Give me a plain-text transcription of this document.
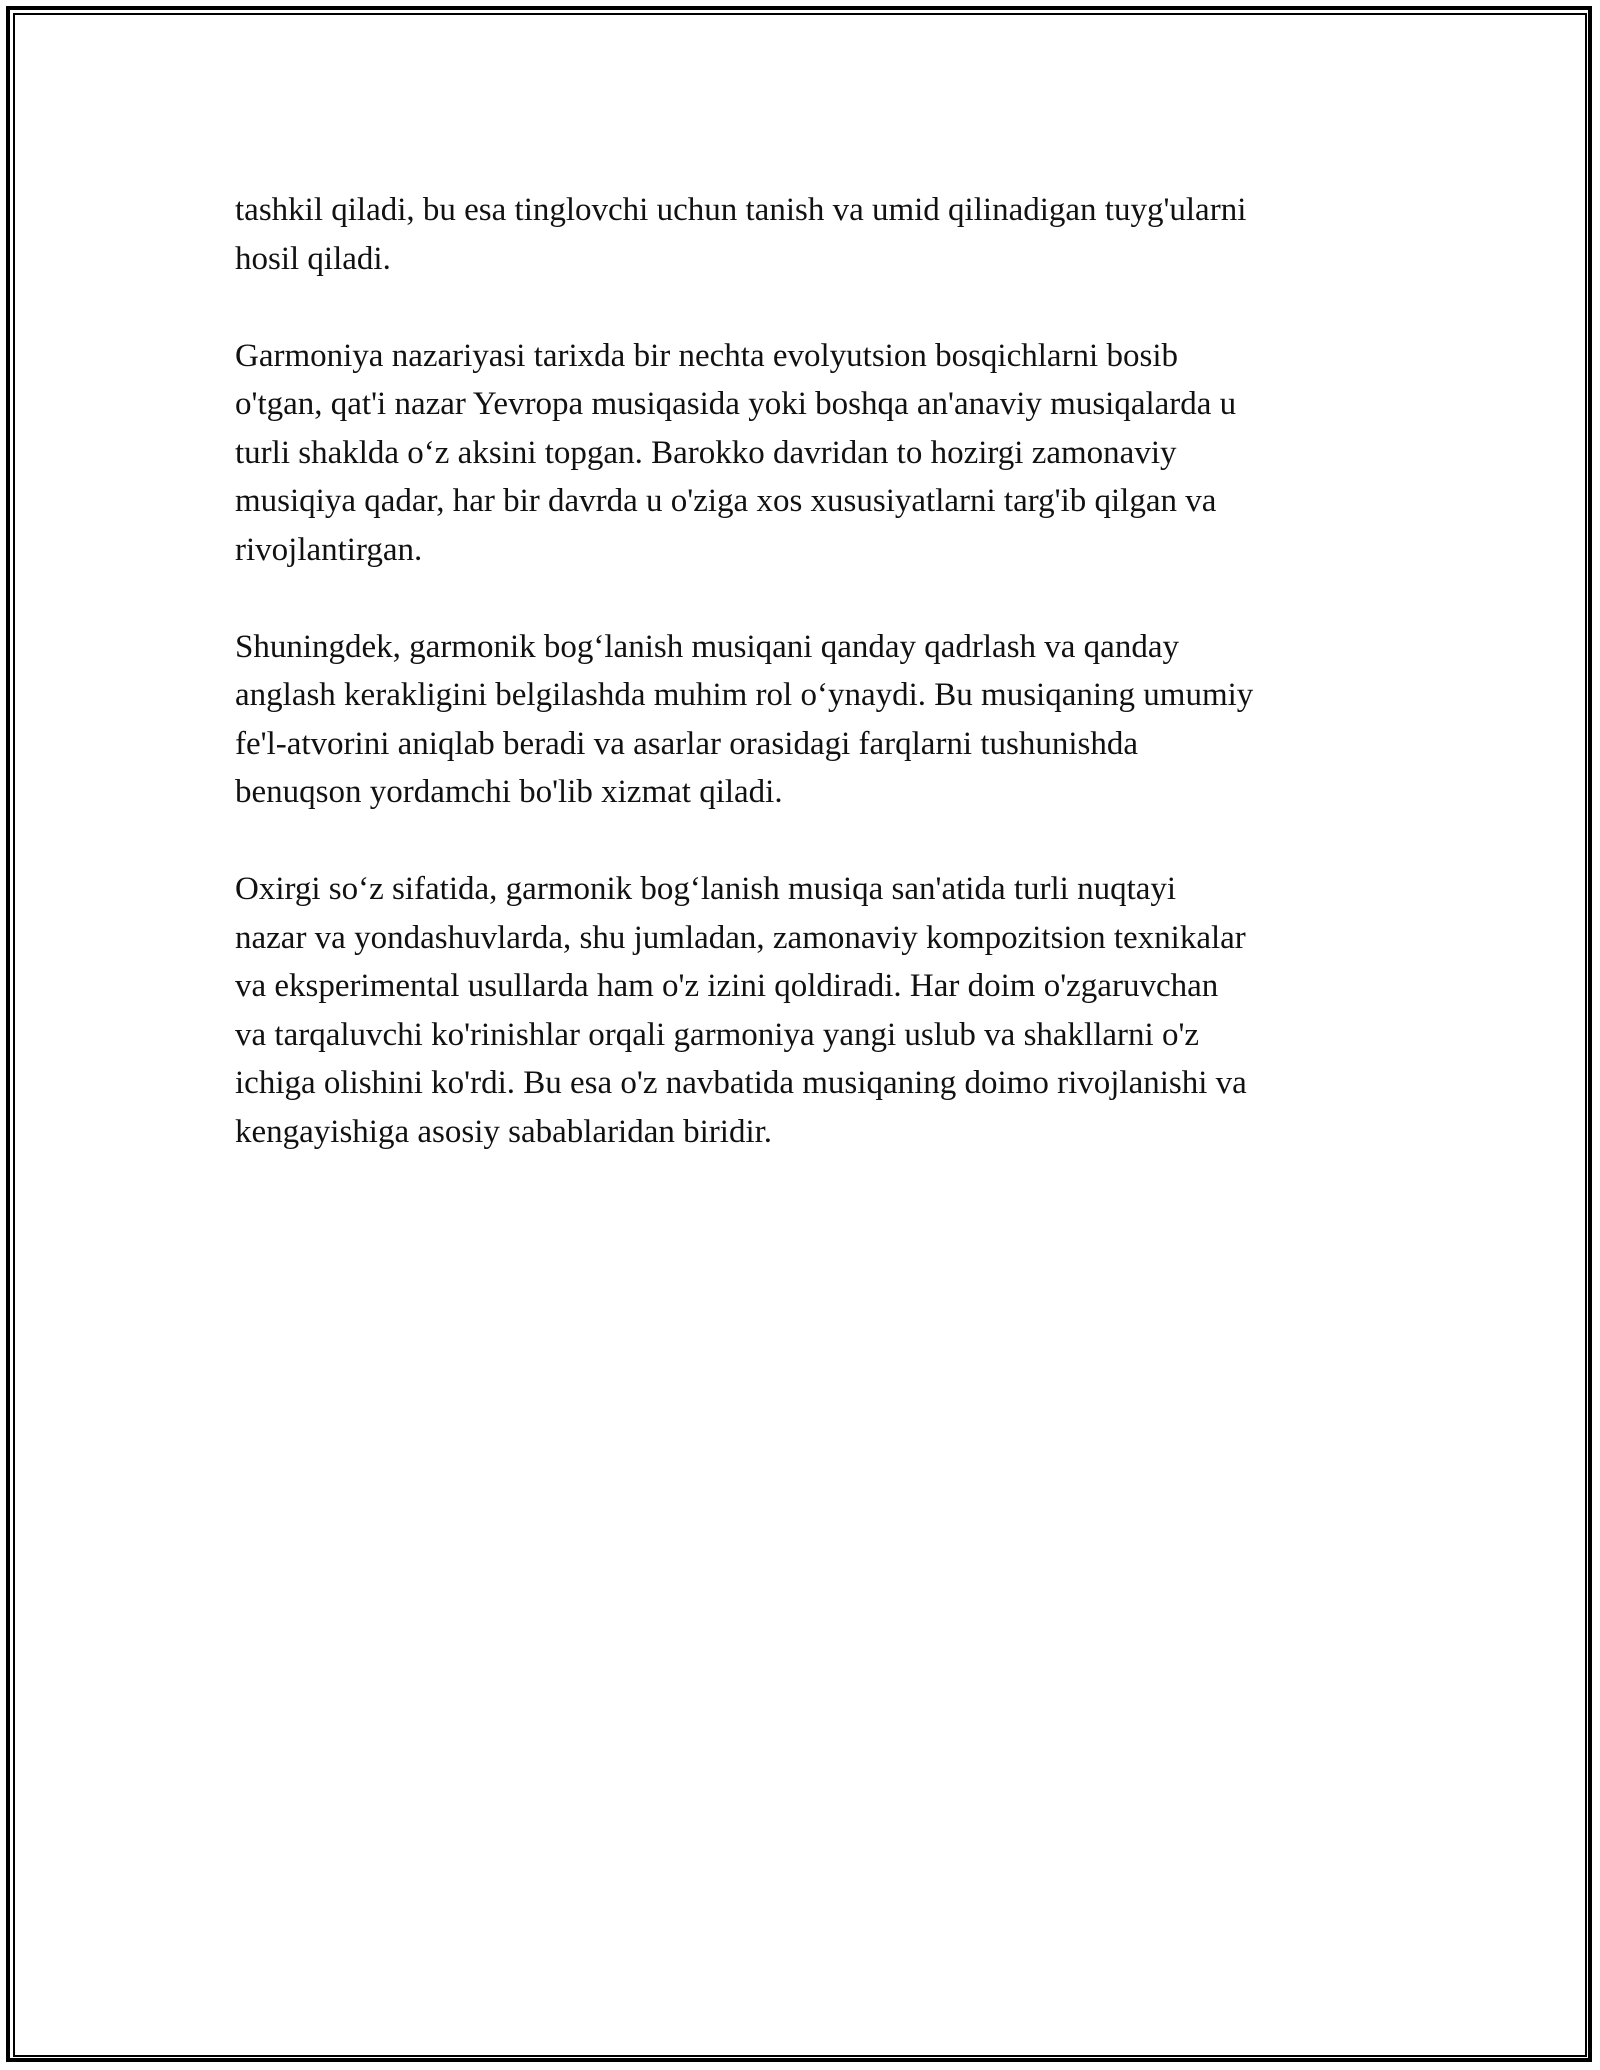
tashkil qiladi, bu esa tinglovchi uchun tanish va umid qilinadigan tuyg'ularni
hosil qiladi.

Garmoniya nazariyasi tarixda bir nechta evolyutsion bosqichlarni bosib
o'tgan, qat'i nazar Yevropa musiqasida yoki boshqa an'anaviy musiqalarda u
turli shaklda o‘z aksini topgan. Barokko davridan to hozirgi zamonaviy
musiqiya qadar, har bir davrda u o'ziga xos xususiyatlarni targ'ib qilgan va
rivojlantirgan.

Shuningdek, garmonik bog‘lanish musiqani qanday qadrlash va qanday
anglash kerakligini belgilashda muhim rol o‘ynaydi. Bu musiqaning umumiy
fe'l-atvorini aniqlab beradi va asarlar orasidagi farqlarni tushunishda
benuqson yordamchi bo'lib xizmat qiladi.

Oxirgi so‘z sifatida, garmonik bog‘lanish musiqa san'atida turli nuqtayi
nazar va yondashuvlarda, shu jumladan, zamonaviy kompozitsion texnikalar
va eksperimental usullarda ham o'z izini qoldiradi. Har doim o'zgaruvchan
va tarqaluvchi ko'rinishlar orqali garmoniya yangi uslub va shakllarni o'z
ichiga olishini ko'rdi. Bu esa o'z navbatida musiqaning doimo rivojlanishi va
kengayishiga asosiy sabablaridan biridir.
